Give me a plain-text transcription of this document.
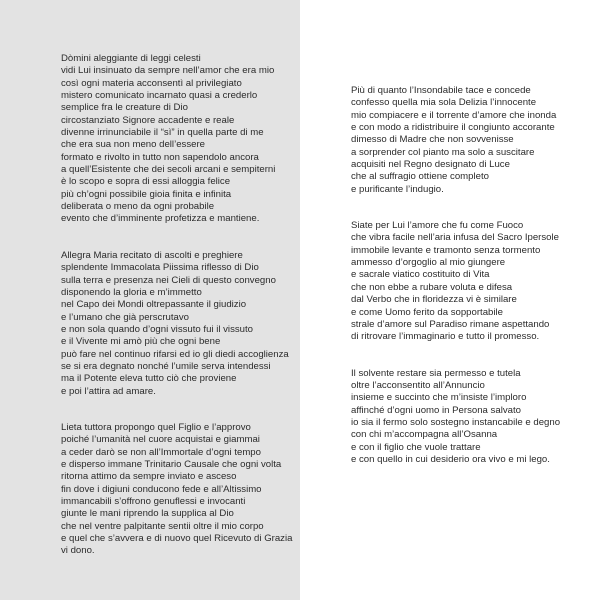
Dòmini aleggiante di leggi celesti
vidi Lui insinuato da sempre nell’amor che era mio
così ogni materia acconsentì al privilegiato
mistero comunicato incarnato quasi a crederlo
semplice fra le creature di Dio
circostanziato Signore accadente e reale
divenne irrinunciabile il “sì” in quella parte di me
che era sua non meno dell’essere
formato e rivolto in tutto non sapendolo ancora
a quell’Esistente che dei secoli arcani e sempiterni
è lo scopo e sopra di essi alloggia felice
più ch’ogni possibile gioia finita e infinita
deliberata o meno da ogni probabile
evento che d’imminente profetizza e mantiene.

Allegra Maria recitato di ascolti e preghiere
splendente Immacolata Piissima riflesso di Dio
sulla terra e presenza nei Cieli di questo convegno
disponendo la gloria e m’immetto
nel Capo dei Mondi oltrepassante il giudizio
e l’umano che già perscrutavo
e non sola quando d’ogni vissuto fui il vissuto
e il Vivente mi amò più che ogni bene
può fare nel continuo rifarsi ed io gli diedi accoglienza
se si era degnato nonché l’umile serva intendessi
ma il Potente eleva tutto ciò che proviene
e poi l’attira ad amare.

Lieta tuttora propongo quel Figlio e l’approvo
poiché l’umanità nel cuore acquistai e giammai
a ceder darò se non all’Immortale d’ogni tempo
e disperso immane Trinitario Causale che ogni volta
ritorna attimo da sempre inviato e asceso
fin dove i digiuni conducono fede e all’Altissimo
immancabili s’offrono genuflessi e invocanti
giunte le mani riprendo la supplica al Dio
che nel ventre palpitante sentii oltre il mio corpo
e quel che s’avvera e di nuovo quel Ricevuto di Grazia
vi dono.

Più di quanto l’Insondabile tace e concede
confesso quella mia sola Delizia l’innocente
mio compiacere e il torrente d’amore che inonda
e con modo a ridistribuire il congiunto accorante
dimesso di Madre che non sovvenisse
a sorprender col pianto ma solo a suscitare
acquisiti nel Regno designato di Luce
che al suffragio ottiene completo
e purificante l’indugio.

Siate per Lui l’amore che fu come Fuoco
che vibra facile nell’aria infusa del Sacro Ipersole
immobile levante e tramonto senza tormento
ammesso d’orgoglio al mio giungere
e sacrale viatico costituito di Vita
che non ebbe a rubare voluta e difesa
dal Verbo che in floridezza vi è similare
e come Uomo ferito da sopportabile
strale d’amore sul Paradiso rimane aspettando
di ritrovare l’immaginario e tutto il promesso.

Il solvente restare sia permesso e tutela
oltre l’acconsentito all’Annuncio
insieme e succinto che m’insiste l’imploro
affinché d’ogni uomo in Persona salvato
io sia il fermo solo sostegno instancabile e degno
con chi m’accompagna all’Osanna
e con il figlio che vuole trattare
e con quello in cui desiderio ora vivo e mi lego.
